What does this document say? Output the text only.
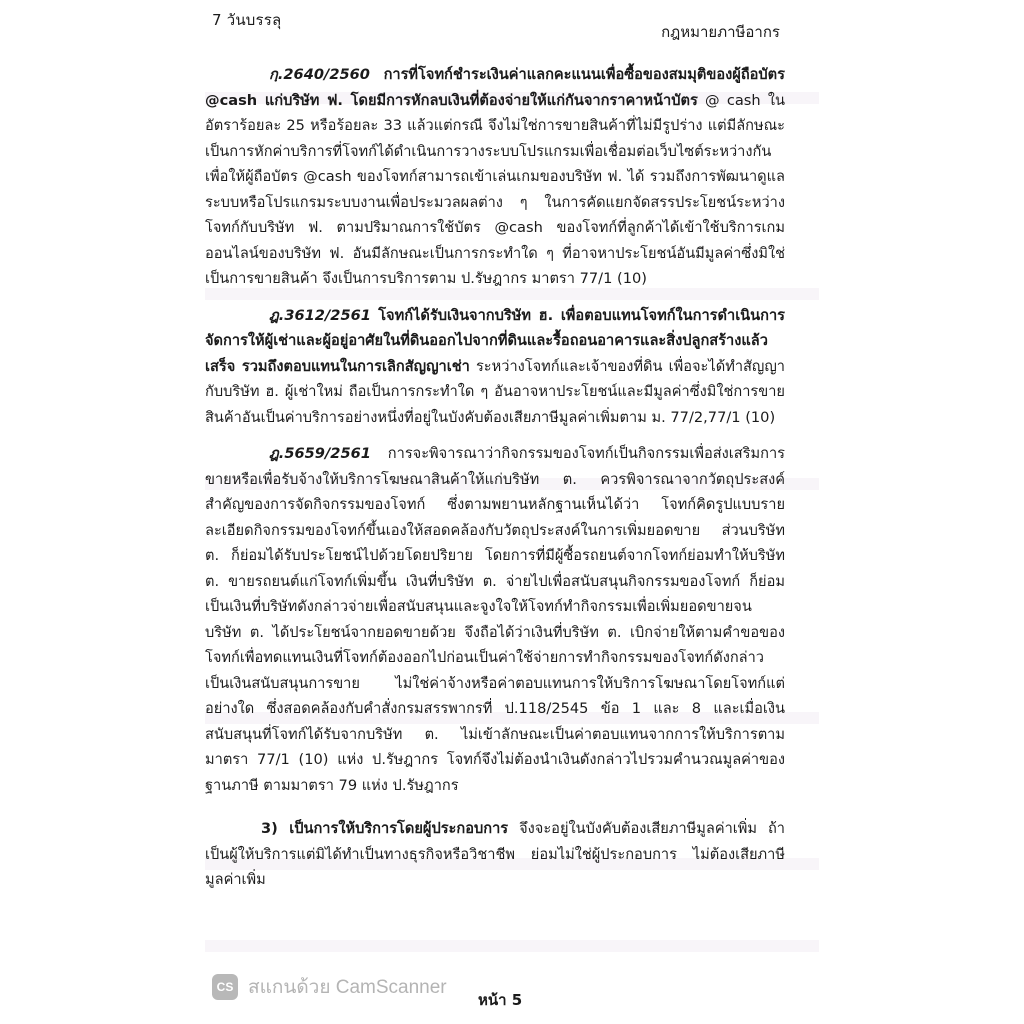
7 วันบรรลุ
กฎหมายภาษีอากร

กฺ.2640/2560 การที่โจทก์ชำระเงินค่าแลกคะแนนเพื่อซื้อของสมมุติของผู้ถือบัตร @cash แก่บริษัท ฟ. โดยมีการหักลบเงินที่ต้องจ่ายให้แก่กันจากราคาหน้าบัตร @ cash ในอัตราร้อยละ 25 หรือร้อยละ 33 แล้วแต่กรณี จึงไม่ใช่การขายสินค้าที่ไม่มีรูปร่าง แต่มีลักษณะเป็นการหักค่าบริการที่โจทก์ได้ดำเนินการวางระบบโปรแกรมเพื่อเชื่อมต่อเว็บไซต์ระหว่างกันเพื่อให้ผู้ถือบัตร @cash ของโจทก์สามารถเข้าเล่นเกมของบริษัท ฟ. ได้ รวมถึงการพัฒนาดูแลระบบหรือโปรแกรมระบบงานเพื่อประมวลผลต่าง ๆ ในการคัดแยกจัดสรรประโยชน์ระหว่างโจทก์กับบริษัท ฟ. ตามปริมาณการใช้บัตร @cash ของโจทก์ที่ลูกค้าได้เข้าใช้บริการเกมออนไลน์ของบริษัท ฟ. อันมีลักษณะเป็นการกระทำใด ๆ ที่อาจหาประโยชน์อันมีมูลค่าซึ่งมิใช่เป็นการขายสินค้า จึงเป็นการบริการตาม ป.รัษฎากร มาตรา 77/1 (10)

ฎ.3612/2561 โจทก์ได้รับเงินจากบริษัท ฮ. เพื่อตอบแทนโจทก์ในการดำเนินการจัดการให้ผู้เช่าและผู้อยู่อาศัยในที่ดินออกไปจากที่ดินและรื้อถอนอาคารและสิ่งปลูกสร้างแล้วเสร็จ รวมถึงตอบแทนในการเลิกสัญญาเช่า ระหว่างโจทก์และเจ้าของที่ดิน เพื่อจะได้ทำสัญญากับบริษัท ฮ. ผู้เช่าใหม่ ถือเป็นการกระทำใด ๆ อันอาจหาประโยชน์และมีมูลค่าซึ่งมิใช่การขายสินค้าอันเป็นค่าบริการอย่างหนึ่งที่อยู่ในบังคับต้องเสียภาษีมูลค่าเพิ่มตาม ม. 77/2,77/1 (10)

ฎ.5659/2561 การจะพิจารณาว่ากิจกรรมของโจทก์เป็นกิจกรรมเพื่อส่งเสริมการขายหรือเพื่อรับจ้างให้บริการโฆษณาสินค้าให้แก่บริษัท ต. ควรพิจารณาจากวัตถุประสงค์สำคัญของการจัดกิจกรรมของโจทก์ ซึ่งตามพยานหลักฐานเห็นได้ว่า โจทก์คิดรูปแบบรายละเอียดกิจกรรมของโจทก์ขึ้นเองให้สอดคล้องกับวัตถุประสงค์ในการเพิ่มยอดขาย ส่วนบริษัท ต. ก็ย่อมได้รับประโยชน์ไปด้วยโดยปริยาย โดยการที่มีผู้ซื้อรถยนต์จากโจทก์ย่อมทำให้บริษัท ต. ขายรถยนต์แก่โจทก์เพิ่มขึ้น เงินที่บริษัท ต. จ่ายไปเพื่อสนับสนุนกิจกรรมของโจทก์ ก็ย่อมเป็นเงินที่บริษัทดังกล่าวจ่ายเพื่อสนับสนุนและจูงใจให้โจทก์ทำกิจกรรมเพื่อเพิ่มยอดขายจนบริษัท ต. ได้ประโยชน์จากยอดขายด้วย จึงถือได้ว่าเงินที่บริษัท ต. เบิกจ่ายให้ตามคำขอของโจทก์เพื่อทดแทนเงินที่โจทก์ต้องออกไปก่อนเป็นค่าใช้จ่ายการทำกิจกรรมของโจทก์ดังกล่าวเป็นเงินสนับสนุนการขาย ไม่ใช่ค่าจ้างหรือค่าตอบแทนการให้บริการโฆษณาโดยโจทก์แต่อย่างใด ซึ่งสอดคล้องกับคำสั่งกรมสรรพากรที่ ป.118/2545 ข้อ 1 และ 8 และเมื่อเงินสนับสนุนที่โจทก์ได้รับจากบริษัท ต. ไม่เข้าลักษณะเป็นค่าตอบแทนจากการให้บริการตามมาตรา 77/1 (10) แห่ง ป.รัษฎากร โจทก์จึงไม่ต้องนำเงินดังกล่าวไปรวมคำนวณมูลค่าของฐานภาษี ตามมาตรา 79 แห่ง ป.รัษฎากร

3) เป็นการให้บริการโดยผู้ประกอบการ จึงจะอยู่ในบังคับต้องเสียภาษีมูลค่าเพิ่ม ถ้าเป็นผู้ให้บริการแต่มิได้ทำเป็นทางธุรกิจหรือวิชาชีพ ย่อมไม่ใช่ผู้ประกอบการ ไม่ต้องเสียภาษีมูลค่าเพิ่ม

CS สแกนด้วย CamScanner
หน้า 5
